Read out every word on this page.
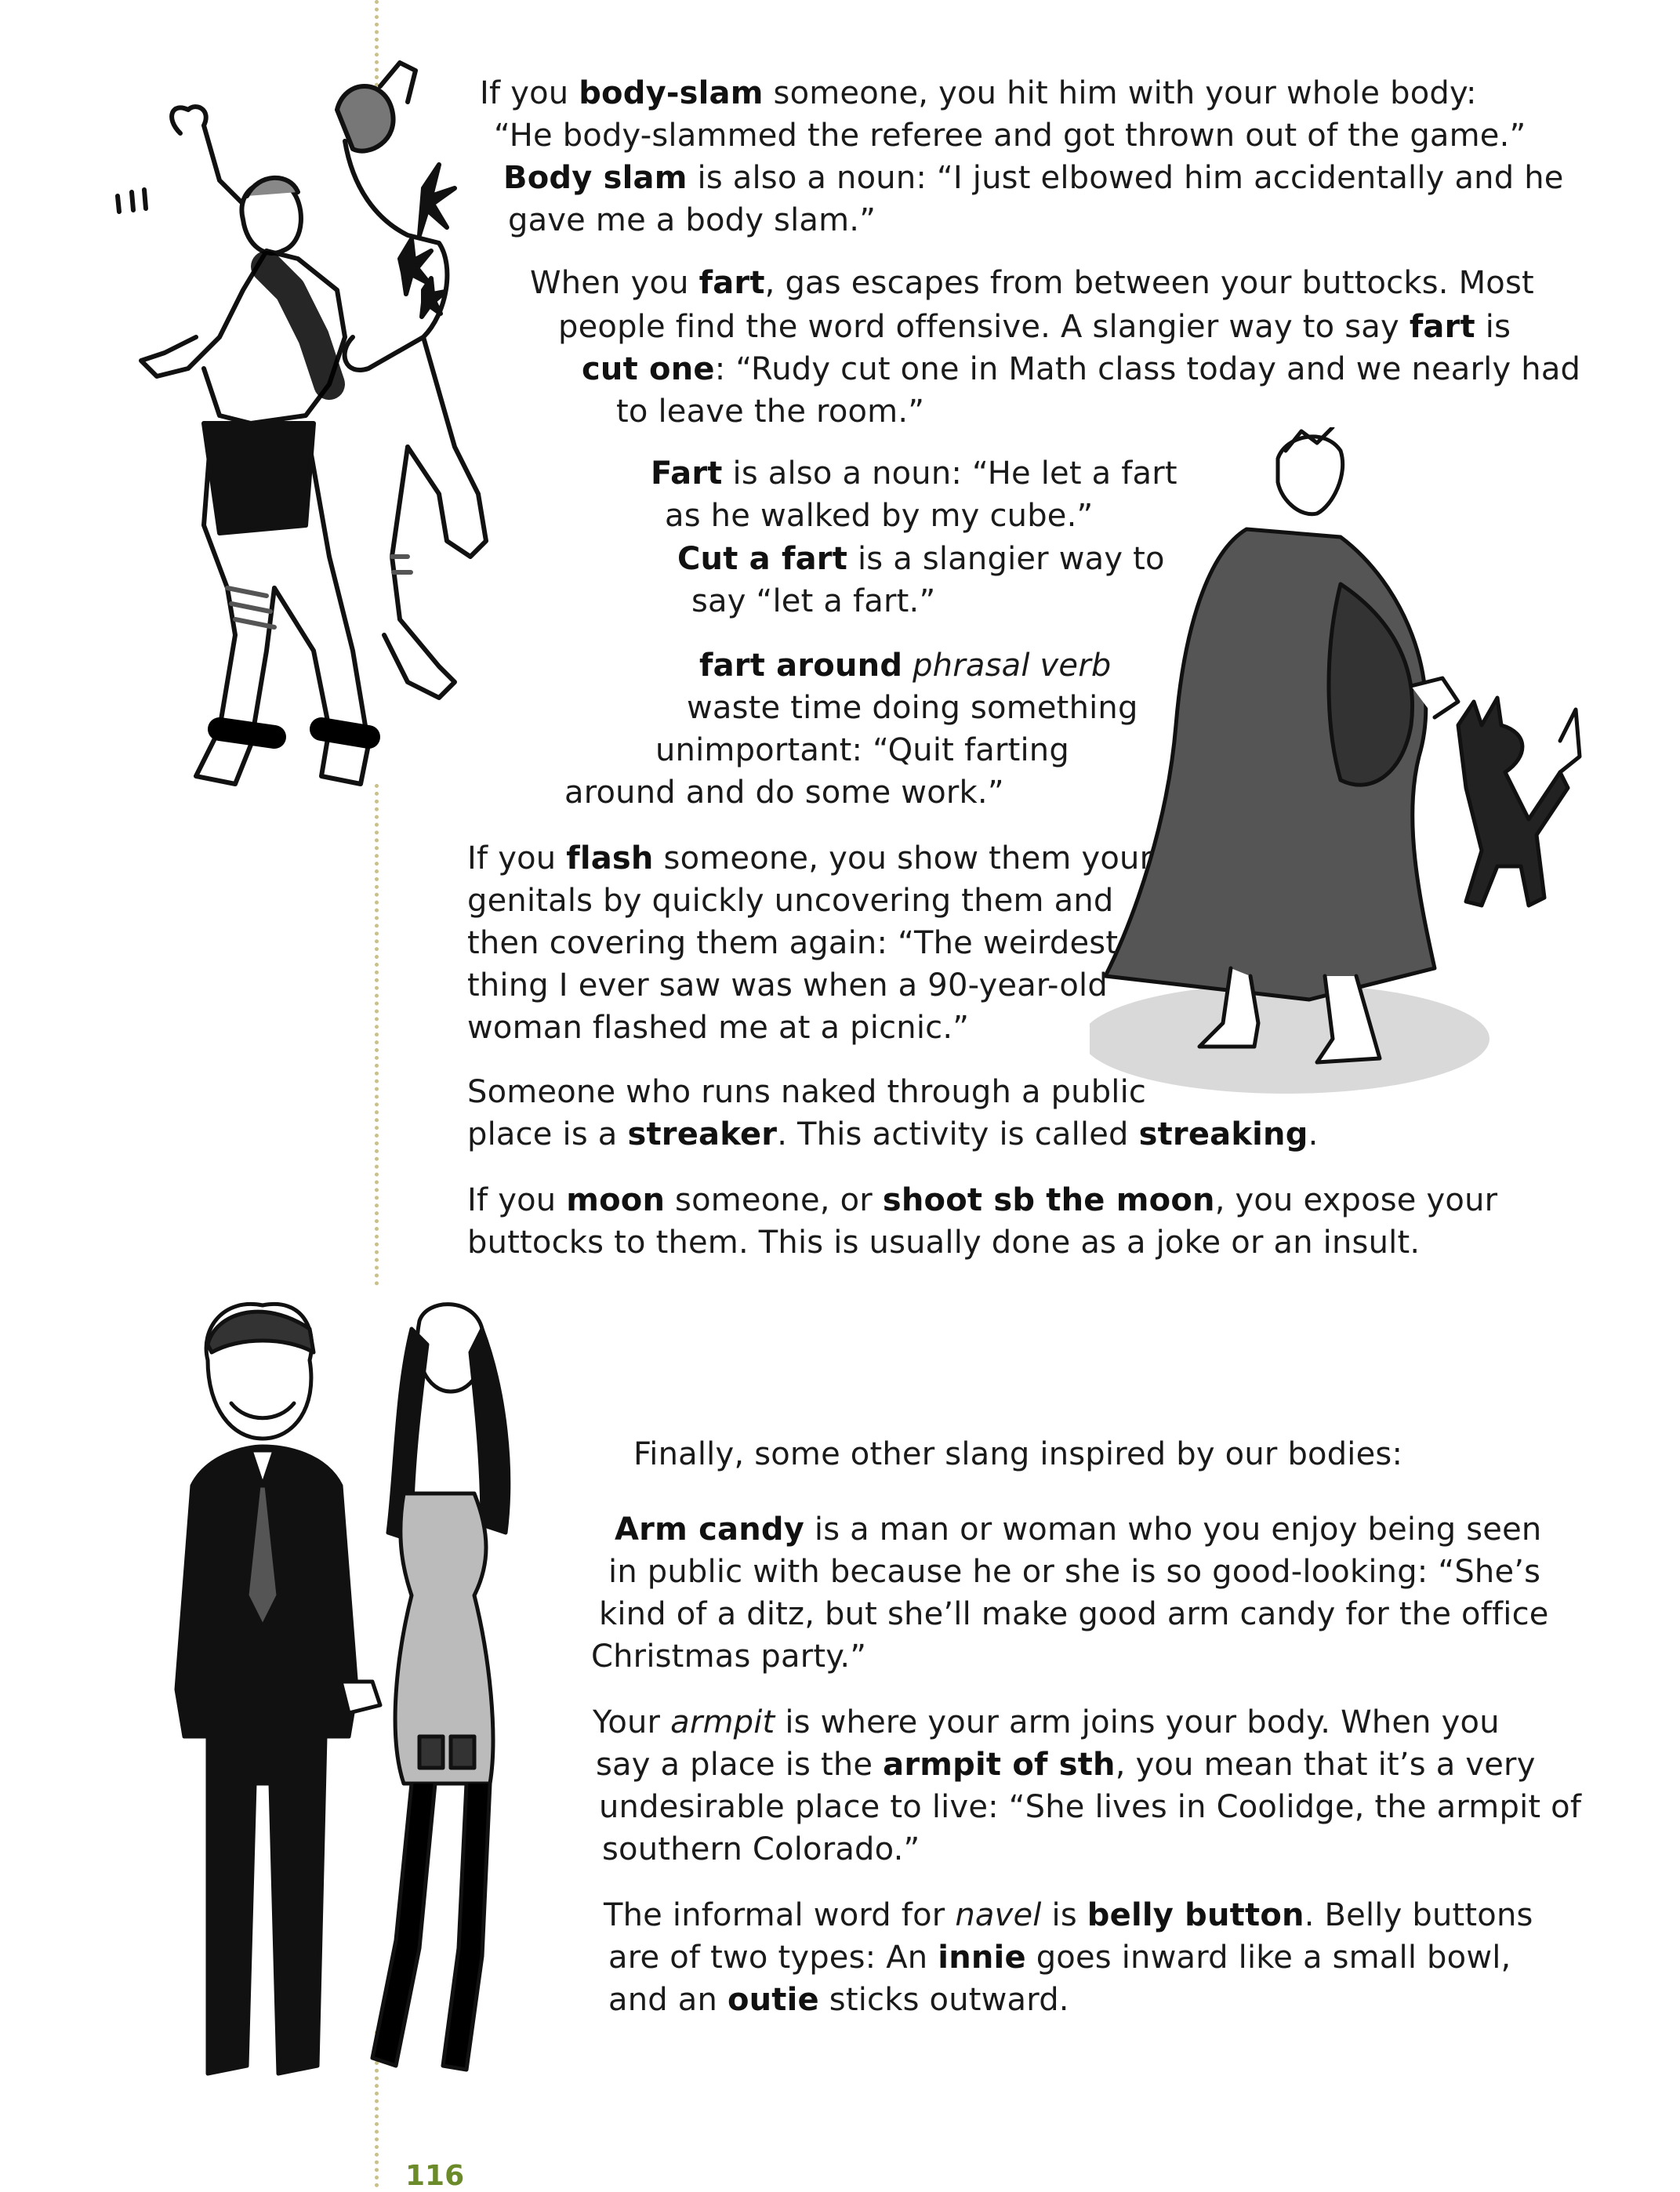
If you body-slam someone, you hit him with your whole body:
“He body-slammed the referee and got thrown out of the game.”
Body slam is also a noun: “I just elbowed him accidentally and he
gave me a body slam.”
When you fart, gas escapes from between your buttocks. Most
people find the word offensive. A slangier way to say fart is
cut one: “Rudy cut one in Math class today and we nearly had
to leave the room.”
Fart is also a noun: “He let a fart
as he walked by my cube.”
Cut a fart is a slangier way to
say “let a fart.”
fart around phrasal verb
waste time doing something
unimportant: “Quit farting
around and do some work.”
If you flash someone, you show them your
genitals by quickly uncovering them and
then covering them again: “The weirdest
thing I ever saw was when a 90-year-old
woman flashed me at a picnic.”
Someone who runs naked through a public
place is a streaker. This activity is called streaking.
If you moon someone, or shoot sb the moon, you expose your
buttocks to them. This is usually done as a joke or an insult.
Finally, some other slang inspired by our bodies:
Arm candy is a man or woman who you enjoy being seen
in public with because he or she is so good-looking: “She’s
kind of a ditz, but she’ll make good arm candy for the office
Christmas party.”
Your armpit is where your arm joins your body. When you
say a place is the armpit of sth, you mean that it’s a very
undesirable place to live: “She lives in Coolidge, the armpit of
southern Colorado.”
The informal word for navel is belly button. Belly buttons
are of two types: An innie goes inward like a small bowl,
and an outie sticks outward.
116
